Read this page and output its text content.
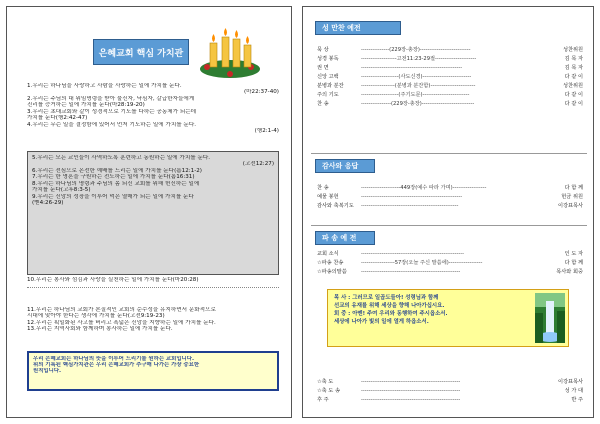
은혜교회 핵심 가치관
1.우리는 하나님을 사랑하고 사람을 사랑하는 일에 가치를 둔다.
(마22:37-40)
2.우리는 주님의 대 위임명령을 받아 불신자, 낙심자, 갈급한자들에게
진리를 증거하는 일에 가치를 둔다(마28:19-20)
3.우리는 초대교회와 같이 성경적으로 기도를 다하는 공동체가 되는데
가치를 둔다(행2:42-47)
4.우리는 무슨 일을 결정함에 있어서 먼저 기도하는 일에 가치를 둔다.
(행2:1-4)
5.우리는 모든 교인들이 사역하도록 훈련하고 동원하는 일에 가치를 둔다.
(고전12:27)
6.우리는 전심으로 온전한 예배를 드리는 일에 가치를 둔다(롬12:1-2)
7.우리는 한 영혼을 구원하는 전도하는 일에 가치를 둔다(롬16:31)
8.우리는 하나님의 명령과 주님의 몸 되신 교회를 위해 헌신하는 일에
가치를 둔다(고후8:3-5)
9.우리는 신앙의 성장을 이루어 먹은 열매가 되는 일에 가치를 둔다
(벧4:26-29)
10.우리는 봉사와 섬김과 사랑을 실천하는 일에 가치를 둔다(마20:28)
11.우리는 하나님의 교회가 본질적인 교회의 순수성을 유지하면서 문화적으로
시대에 맞아야 한다는 생각에 가치를 둔다(고전9:19-23)
12.우리는 획일화된 사고를 버리고 폭넓은 신앙을 지향하는 일에 가치를 둔다.
13.우리는 지역사회와 함께하며 봉사하는 일에 가치를 둔다.
우리 은혜교회는 하나님의 뜻을 이루어 드리기를 원하는 교회입니다.
위의 기록된 핵심가치관은 우리 은혜교회가 추구해 나가는 가장 중요한
원칙입니다.
성 만찬 예전
묵 상	---------------(229장-총장)---------------------------	성찬위원
성경 봉독	-------------------고전11:23-29절----------------------	김 목 자
권 면	------------------------------------------------------	김 목 자
신앙 고백	--------------------(사도신경)--------------------------	다 같 이
분병과 분잔	------------------(분병과 분잔함)------------------------	성찬위원
주의 기도	--------------------(주기도문)-------------------------	다 같 이
찬 송	----------------(229장-총장)----------------------------	다 같 이
감사와 응답
찬 송	---------------------449장(예수 따라 가며)------------------	다 함 께
예물 봉헌	------------------------------------------------------	헌금 위원
감사와 축복기도	----------------------------------------------------	이강표목사
파 송 예 전
교회 소식	-------------------------------------------------------	인 도 자
☆파송 찬송	------------------57장(오늘 주신 말씀에)------------------	다 함 께
☆파송의말씀	-----------------------------------------------------	목사와 회중
목 사 : 그러므로 일곱도들아! 성령님과 함께
선교의 유재를 위해 세상을 향해 나아가십시요.
회 중 : 아멘! 주여 우리와 동행하여 주시옵소서.
세상에 나아가 빛의 일에 열게 하옵소서.
☆축 도	-----------------------------------------------------	이강표목사
☆축 도 송	-----------------------------------------------------	성 가 대
후 주	-----------------------------------------------------	반 주
